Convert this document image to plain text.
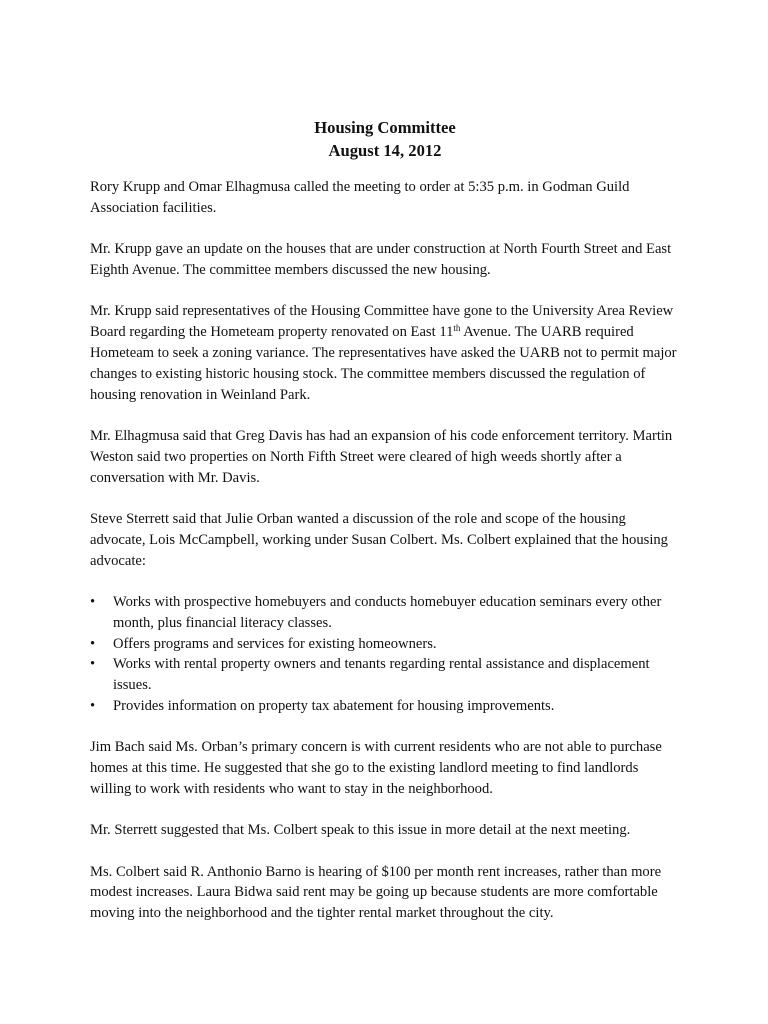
Housing Committee
August 14, 2012

Rory Krupp and Omar Elhagmusa called the meeting to order at 5:35 p.m. in Godman Guild Association facilities.

Mr. Krupp gave an update on the houses that are under construction at North Fourth Street and East Eighth Avenue. The committee members discussed the new housing.

Mr. Krupp said representatives of the Housing Committee have gone to the University Area Review Board regarding the Hometeam property renovated on East 11th Avenue. The UARB required Hometeam to seek a zoning variance. The representatives have asked the UARB not to permit major changes to existing historic housing stock. The committee members discussed the regulation of housing renovation in Weinland Park.

Mr. Elhagmusa said that Greg Davis has had an expansion of his code enforcement territory. Martin Weston said two properties on North Fifth Street were cleared of high weeds shortly after a conversation with Mr. Davis.

Steve Sterrett said that Julie Orban wanted a discussion of the role and scope of the housing advocate, Lois McCampbell, working under Susan Colbert. Ms. Colbert explained that the housing advocate:

•	Works with prospective homebuyers and conducts homebuyer education seminars every other month, plus financial literacy classes.
•	Offers programs and services for existing homeowners.
•	Works with rental property owners and tenants regarding rental assistance and displacement issues.
•	Provides information on property tax abatement for housing improvements.

Jim Bach said Ms. Orban’s primary concern is with current residents who are not able to purchase homes at this time. He suggested that she go to the existing landlord meeting to find landlords willing to work with residents who want to stay in the neighborhood.

Mr. Sterrett suggested that Ms. Colbert speak to this issue in more detail at the next meeting.

Ms. Colbert said R. Anthonio Barno is hearing of $100 per month rent increases, rather than more modest increases. Laura Bidwa said rent may be going up because students are more comfortable moving into the neighborhood and the tighter rental market throughout the city.
